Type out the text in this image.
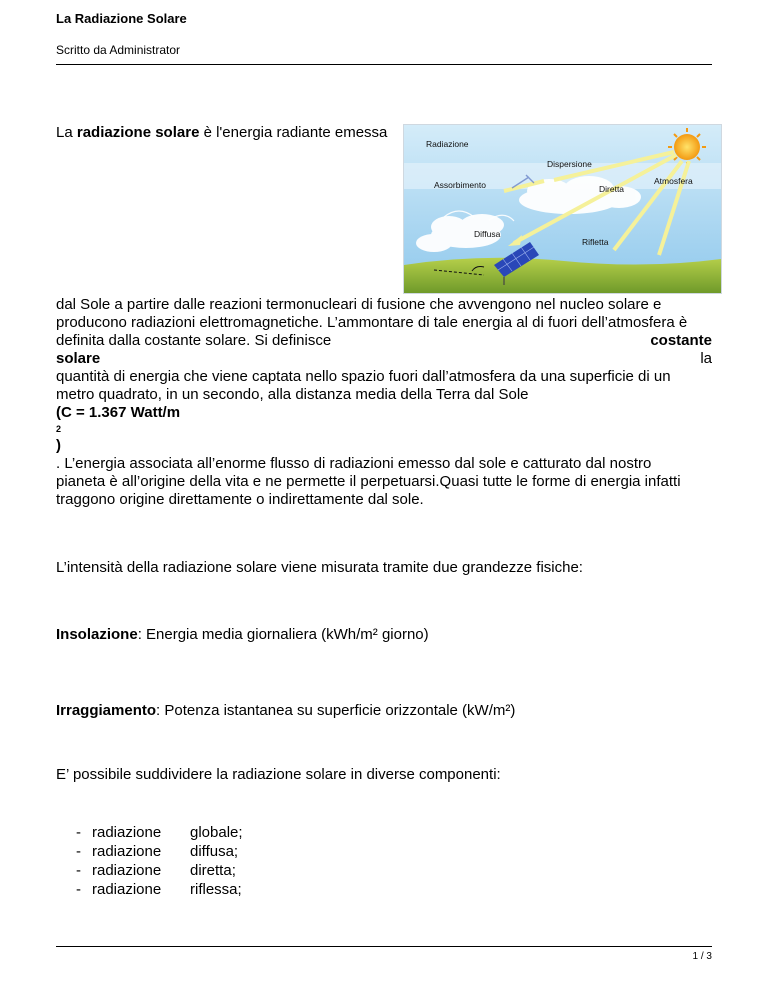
La Radiazione Solare
Scritto da Administrator
La radiazione solare è l'energia radiante emessa
Radiazione
Dispersione
Atmosfera
Assorbimento	Diretta
Diffusa
Rifletta
dal Sole a partire dalle reazioni termonucleari di fusione che avvengono nel nucleo solare e
producono radiazioni elettromagnetiche. L’ammontare di tale energia al di fuori dell’atmosfera è
definita dalla costante solare. Si definisce	costante
solare	la
quantità di energia che viene captata nello spazio fuori dall’atmosfera da una superficie di un
metro quadrato, in un secondo, alla distanza media della Terra dal Sole
(C = 1.367 Watt/m
2
)
. L’energia associata all’enorme flusso di radiazioni emesso dal sole e catturato dal nostro
pianeta è all’origine della vita e ne permette il perpetuarsi.Quasi tutte le forme di energia infatti
traggono origine direttamente o indirettamente dal sole.
L’intensità della radiazione solare viene misurata tramite due grandezze fisiche:
Insolazione: Energia media giornaliera (kWh/m² giorno)
Irraggiamento: Potenza istantanea su superficie orizzontale (kW/m²)
E’ possibile suddividere la radiazione solare in diverse componenti:
- radiazione globale;
- radiazione diffusa;
- radiazione diretta;
- radiazione riflessa;
1 / 3
